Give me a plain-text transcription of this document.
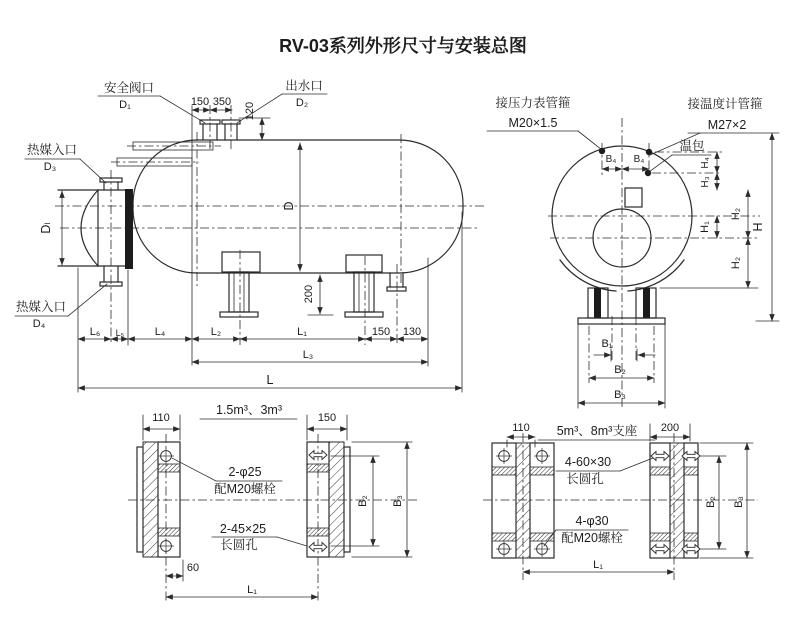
RV-03系列外形尺寸与安装总图
安全阀口
D₁
出水口
D₂
热媒入口
D₃
热媒入口
D₄
150 350 120
D
Dₗ
200
L₆ L₅	L₄	L₂	L₁	150 130
L₃
L
接压力表管箍
M20×1.5
接温度计管箍
M27×2
温包
B₄ B₄	H₄
H₃
H₁
H₂
H₂
H
B₁
B₂
B₃
1.5m³、3m³
110	150
2-φ25
配M20螺栓
2-45×25
长圆孔
60
L₁
B₂ B₃
5m³、8m³支座
110	200
4-60×30
长圆孔
4-φ30
配M20螺栓
L₁
B₂ B₃
